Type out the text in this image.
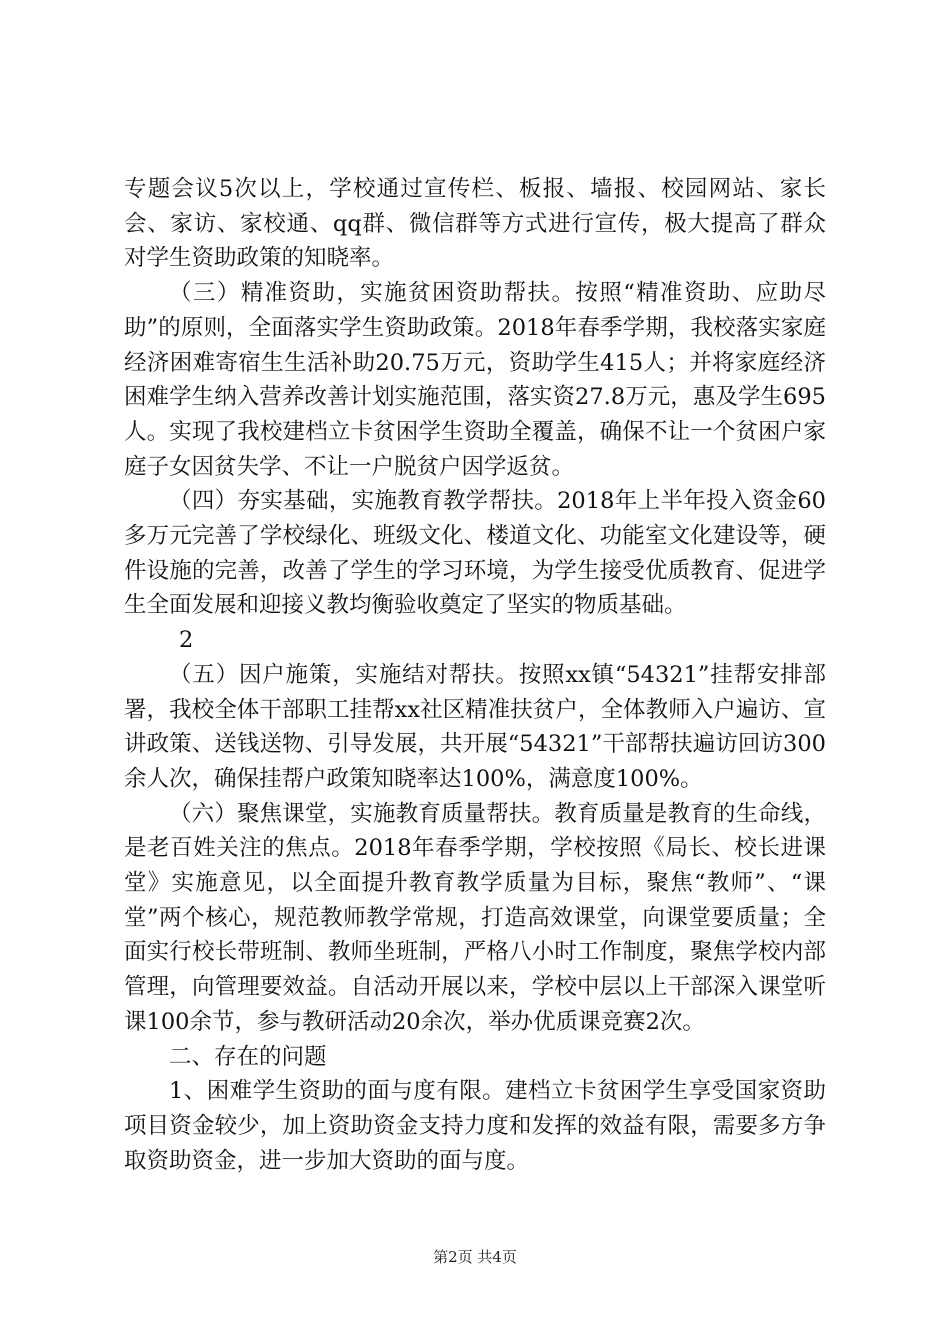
专题会议5次以上，学校通过宣传栏、板报、墙报、校园网站、家长会、家访、家校通、qq群、微信群等方式进行宣传，极大提高了群众对学生资助政策的知晓率。

（三）精准资助，实施贫困资助帮扶。按照“精准资助、应助尽助”的原则，全面落实学生资助政策。2018年春季学期，我校落实家庭经济困难寄宿生生活补助20.75万元，资助学生415人；并将家庭经济困难学生纳入营养改善计划实施范围，落实资27.8万元，惠及学生695人。实现了我校建档立卡贫困学生资助全覆盖，确保不让一个贫困户家庭子女因贫失学、不让一户脱贫户因学返贫。

（四）夯实基础，实施教育教学帮扶。2018年上半年投入资金60多万元完善了学校绿化、班级文化、楼道文化、功能室文化建设等，硬件设施的完善，改善了学生的学习环境，为学生接受优质教育、促进学生全面发展和迎接义教均衡验收奠定了坚实的物质基础。

2

（五）因户施策，实施结对帮扶。按照xx镇“54321”挂帮安排部署，我校全体干部职工挂帮xx社区精准扶贫户，全体教师入户遍访、宣讲政策、送钱送物、引导发展，共开展“54321”干部帮扶遍访回访300余人次，确保挂帮户政策知晓率达100%，满意度100%。

（六）聚焦课堂，实施教育质量帮扶。教育质量是教育的生命线，是老百姓关注的焦点。2018年春季学期，学校按照《局长、校长进课堂》实施意见，以全面提升教育教学质量为目标，聚焦“教师”、“课堂”两个核心，规范教师教学常规，打造高效课堂，向课堂要质量；全面实行校长带班制、教师坐班制，严格八小时工作制度，聚焦学校内部管理，向管理要效益。自活动开展以来，学校中层以上干部深入课堂听课100余节，参与教研活动20余次，举办优质课竞赛2次。

二、存在的问题

1、困难学生资助的面与度有限。建档立卡贫困学生享受国家资助项目资金较少，加上资助资金支持力度和发挥的效益有限，需要多方争取资助资金，进一步加大资助的面与度。

第2页 共4页
